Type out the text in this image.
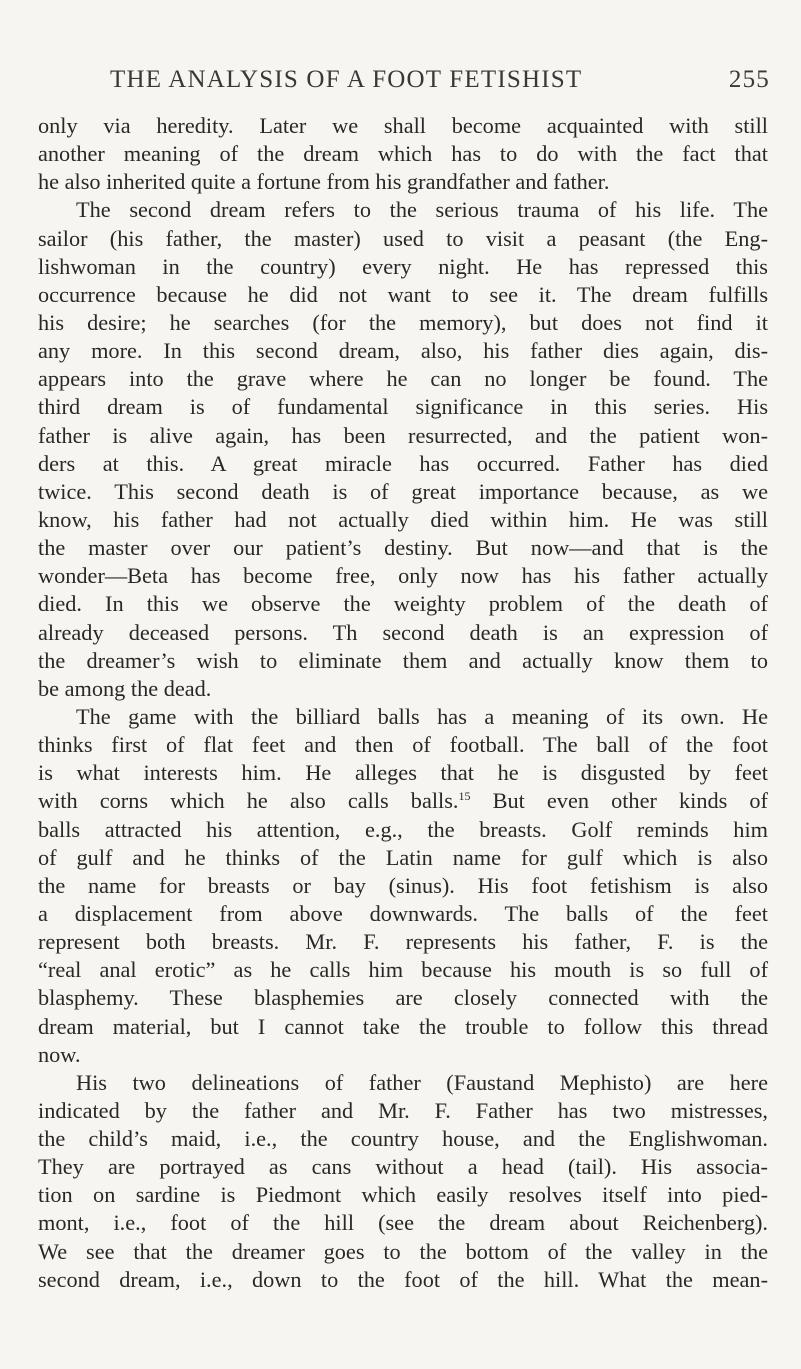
THE ANALYSIS OF A FOOT FETISHIST	255
only via heredity. Later we shall become acquainted with still
another meaning of the dream which has to do with the fact that
he also inherited quite a fortune from his grandfather and father.
The second dream refers to the serious trauma of his life. The
sailor (his father, the master) used to visit a peasant (the Eng-
lishwoman in the country) every night. He has repressed this
occurrence because he did not want to see it. The dream fulfills
his desire; he searches (for the memory), but does not find it
any more. In this second dream, also, his father dies again, dis-
appears into the grave where he can no longer be found. The
third dream is of fundamental significance in this series. His
father is alive again, has been resurrected, and the patient won-
ders at this. A great miracle has occurred. Father has died
twice. This second death is of great importance because, as we
know, his father had not actually died within him. He was still
the master over our patient’s destiny. But now—and that is the
wonder—Beta has become free, only now has his father actually
died. In this we observe the weighty problem of the death of
already deceased persons. Th second death is an expression of
the dreamer’s wish to eliminate them and actually know them to
be among the dead.
The game with the billiard balls has a meaning of its own. He
thinks first of flat feet and then of football. The ball of the foot
is what interests him. He alleges that he is disgusted by feet
with corns which he also calls balls.$^{15}$ But even other kinds of
balls attracted his attention, e.g., the breasts. Golf reminds him
of gulf and he thinks of the Latin name for gulf which is also
the name for breasts or bay (sinus). His foot fetishism is also
a displacement from above downwards. The balls of the feet
represent both breasts. Mr. F. represents his father, F. is the
“real anal erotic” as he calls him because his mouth is so full of
blasphemy. These blasphemies are closely connected with the
dream material, but I cannot take the trouble to follow this thread
now.
His two delineations of father (Faustand Mephisto) are here
indicated by the father and Mr. F. Father has two mistresses,
the child’s maid, i.e., the country house, and the Englishwoman.
They are portrayed as cans without a head (tail). His associa-
tion on sardine is Piedmont which easily resolves itself into pied-
mont, i.e., foot of the hill (see the dream about Reichenberg).
We see that the dreamer goes to the bottom of the valley in the
second dream, i.e., down to the foot of the hill. What the mean-
